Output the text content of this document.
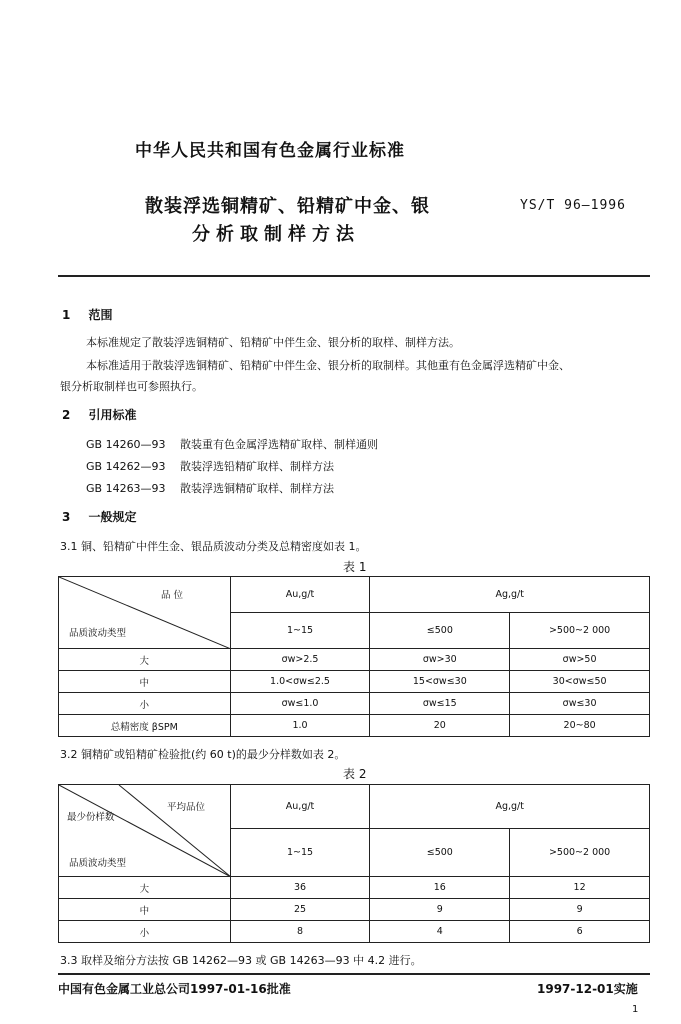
中华人民共和国有色金属行业标准
散装浮选铜精矿、铅精矿中金、银
分析取制样方法
YS/T 96—1996
1 范围
本标准规定了散装浮选铜精矿、铅精矿中伴生金、银分析的取样、制样方法。
本标准适用于散装浮选铜精矿、铅精矿中伴生金、银分析的取制样。其他重有色金属浮选精矿中金、
银分析取制样也可参照执行。
2 引用标准
GB 14260—93 散装重有色金属浮选精矿取样、制样通则
GB 14262—93 散装浮选铅精矿取样、制样方法
GB 14263—93 散装浮选铜精矿取样、制样方法
3 一般规定
3.1 铜、铅精矿中伴生金、银品质波动分类及总精密度如表 1。
表 1
品 位
品质波动类型	Au,g/t	Ag,g/t	
	1~15	≤500	>500~2 000
大	σw>2.5	σw>30	σw>50
中	1.0<σw≤2.5	15<σw≤30	30<σw≤50
小	σw≤1.0	σw≤15	σw≤30
总精密度 βSPM	1.0	20	20~80
3.2 铜精矿或铅精矿检验批(约 60 t)的最少分样数如表 2。
表 2
平均品位
最少份样数
品质波动类型	Au,g/t	Ag,g/t	
	1~15	≤500	>500~2 000
大	36	16	12
中	25	9	9
小	8	4	6
3.3 取样及缩分方法按 GB 14262—93 或 GB 14263—93 中 4.2 进行。
中国有色金属工业总公司1997-01-16批准	1997-12-01实施
1
